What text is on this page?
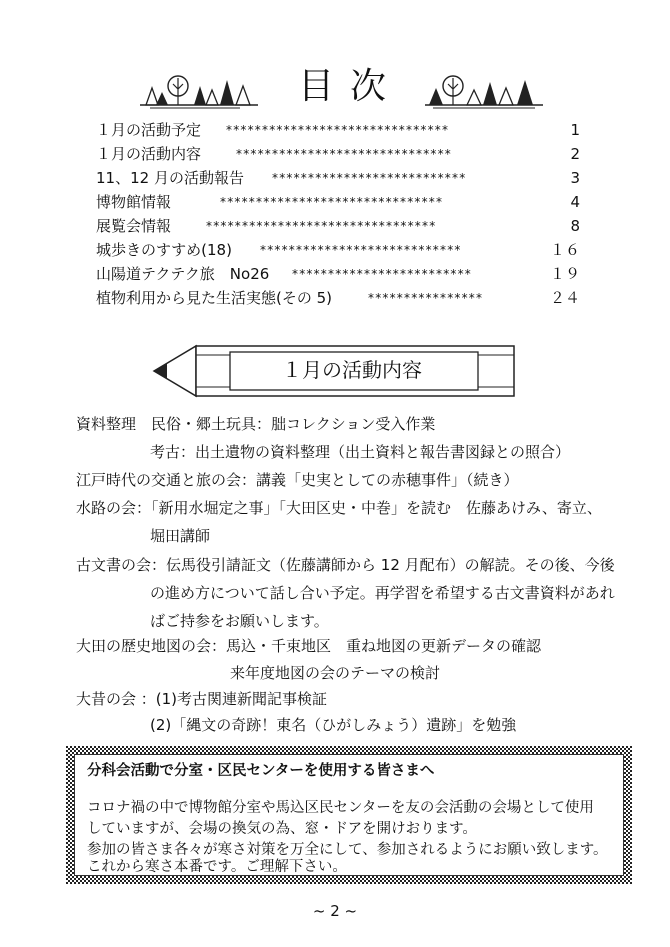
目 次
１月の活動予定 *******************************	1
１月の活動内容	******************************	2
11、12 月の活動報告 ***************************	3
博物館情報	*******************************	4
展覧会情報	********************************	8
城歩きのすすめ(18) ****************************	１６
山陽道テクテク旅　No26 *************************	１９
植物利用から見た生活実態(その 5)	****************	２４
１月の活動内容
資料整理　民俗・郷土玩具：朏コレクション受入作業
考古：出土遺物の資料整理（出土資料と報告書図録との照合）
江戸時代の交通と旅の会：講義「史実としての赤穂事件」（続き）
水路の会：「新用水堀定之事」「大田区史・中巻」を読む　佐藤あけみ、寄立、
堀田講師
古文書の会：伝馬役引請証文（佐藤講師から 12 月配布）の解読。その後、今後
の進め方について話し合い予定。再学習を希望する古文書資料があれ
ばご持参をお願いします。
大田の歴史地図の会：馬込・千束地区　重ね地図の更新データの確認
来年度地図の会のテーマの検討
大昔の会 ：(1)考古関連新聞記事検証
(2)「縄文の奇跡！東名（ひがしみょう）遺跡」を勉強
分科会活動で分室・区民センターを使用する皆さまへ
コロナ禍の中で博物館分室や馬込区民センターを友の会活動の会場として使用
していますが、会場の換気の為、窓・ドアを開けおります。
参加の皆さま各々が寒さ対策を万全にして、参加されるようにお願い致します。
これから寒さ本番です。ご理解下さい。
~ 2 ~
